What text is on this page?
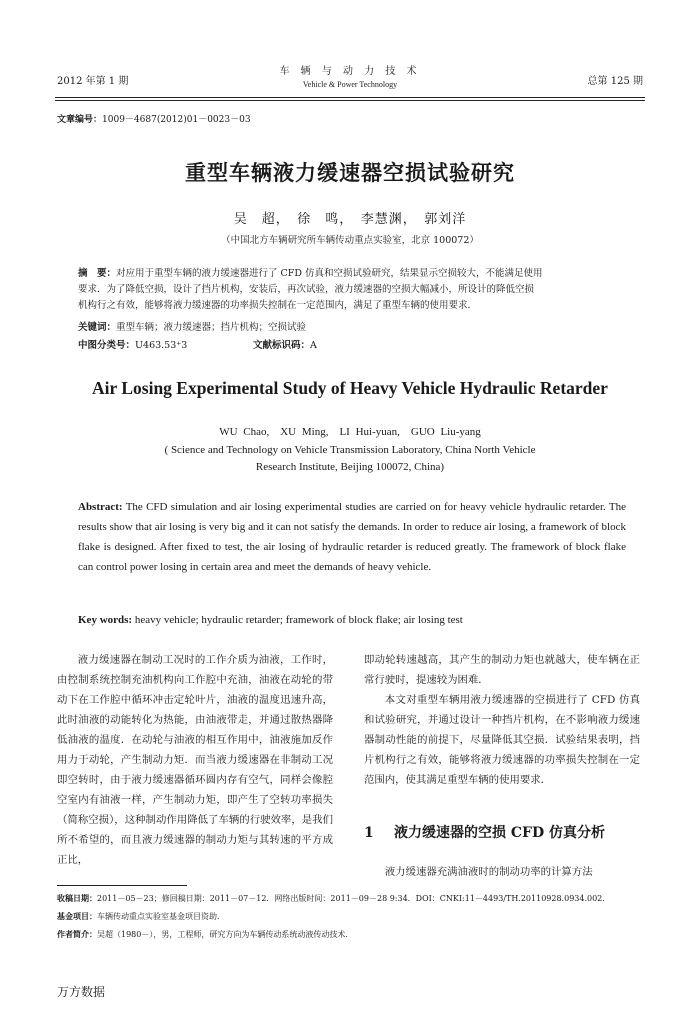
2012 年第 1 期
车 辆 与 动 力 技 术
Vehicle & Power Technology	总第 125 期
文章编号：1009－4687(2012)01－0023－03
重型车辆液力缓速器空损试验研究
吴　超，　徐　鸣，　李慧渊，　郭刘洋
（中国北方车辆研究所车辆传动重点实验室，北京 100072）
摘　要：对应用于重型车辆的液力缓速器进行了 CFD 仿真和空损试验研究，结果显示空损较大，不能满足使用
要求．为了降低空损，设计了挡片机构，安装后，再次试验，液力缓速器的空损大幅减小，所设计的降低空损
机构行之有效，能够将液力缓速器的功率损失控制在一定范围内，满足了重型车辆的使用要求．
关键词：重型车辆；液力缓速器；挡片机构；空损试验
中图分类号：U463.53⁺3	文献标识码：A
Air Losing Experimental Study of Heavy Vehicle Hydraulic Retarder
WU Chao,　XU Ming,　LI Hui-yuan,　GUO Liu-yang
( Science and Technology on Vehicle Transmission Laboratory, China North Vehicle
Research Institute, Beijing 100072, China)
Abstract: The CFD simulation and air losing experimental studies are carried on for heavy vehicle hydraulic retarder. The results show that air losing is very big and it can not satisfy the demands. In order to reduce air losing, a framework of block flake is designed. After fixed to test, the air losing of hydraulic retarder is reduced greatly. The framework of block flake can control power losing in certain area and meet the demands of heavy vehicle.
Key words: heavy vehicle; hydraulic retarder; framework of block flake; air losing test

液力缓速器在制动工况时的工作介质为油液，工作时，由控制系统控制充油机构向工作腔中充油，油液在动轮的带动下在工作腔中循环冲击定轮叶片，油液的温度迅速升高，此时油液的动能转化为热能，由油液带走，并通过散热器降低油液的温度．在动轮与油液的相互作用中，油液施加反作用力于动轮，产生制动力矩．而当液力缓速器在非制动工况即空转时，由于液力缓速器循环圆内存有空气，同样会像腔空室内有油液一样，产生制动力矩，即产生了空转功率损失（简称空损），这种制动作用降低了车辆的行驶效率，是我们所不希望的，而且液力缓速器的制动力矩与其转速的平方成正比，

即动轮转速越高，其产生的制动力矩也就越大，使车辆在正常行驶时，提速较为困难．

本文对重型车辆用液力缓速器的空损进行了 CFD 仿真和试验研究，并通过设计一种挡片机构，在不影响液力缓速器制动性能的前提下，尽量降低其空损．试验结果表明，挡片机构行之有效，能够将液力缓速器的功率损失控制在一定范围内，使其满足重型车辆的使用要求．

1 液力缓速器的空损 CFD 仿真分析

液力缓速器充满油液时的制动功率的计算方法

收稿日期：2011－05－23；修回稿日期：2011－07－12．网络出版时间：2011－09－28 9:34．DOI：CNKI:11－4493/TH.20110928.0934.002.
基金项目：车辆传动重点实验室基金项目资助．
作者简介：吴超（1980－），男，工程师，研究方向为车辆传动系统动液传动技术．
万方数据
